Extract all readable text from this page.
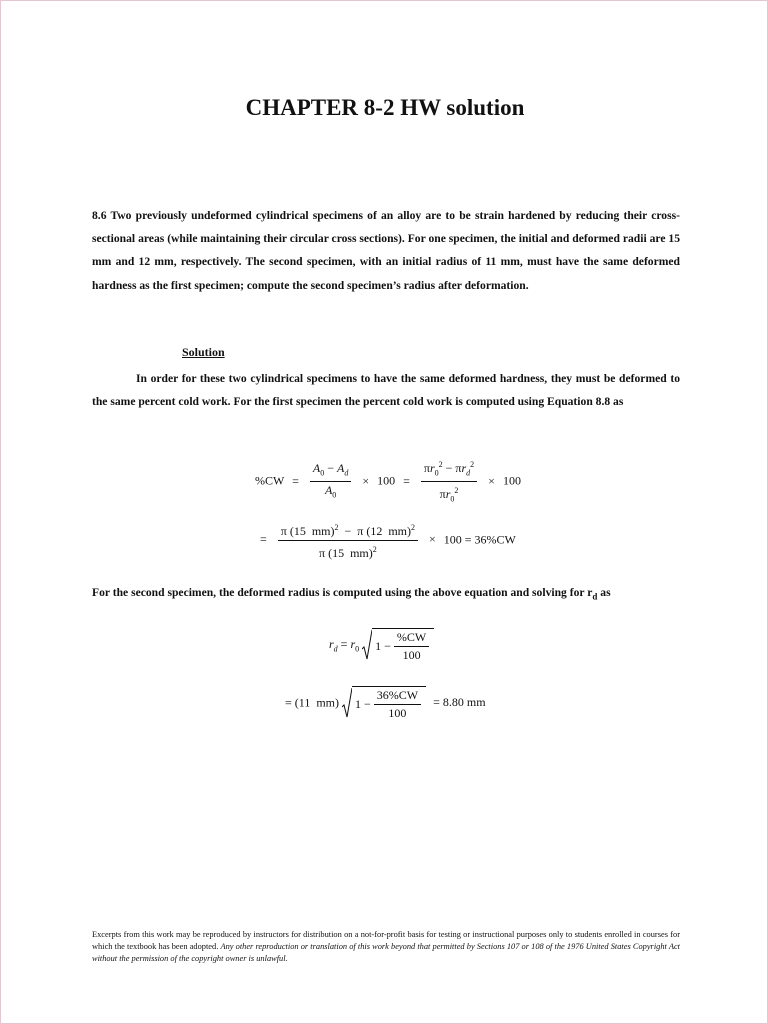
CHAPTER 8-2 HW solution
8.6 Two previously undeformed cylindrical specimens of an alloy are to be strain hardened by reducing their cross-sectional areas (while maintaining their circular cross sections). For one specimen, the initial and deformed radii are 15 mm and 12 mm, respectively. The second specimen, with an initial radius of 11 mm, must have the same deformed hardness as the first specimen; compute the second specimen’s radius after deformation.
Solution
In order for these two cylindrical specimens to have the same deformed hardness, they must be deformed to the same percent cold work. For the first specimen the percent cold work is computed using Equation 8.8 as
$\%CW = \frac{A_0 - A_d}{A_0} \times 100 = \frac{\pi r_0^2 - \pi r_d^2}{\pi r_0^2} \times 100$
= $\frac{\pi (15 mm)^2 - \pi (12 mm)^2}{\pi (15 mm)^2} \times 100 = 36\%CW$
For the second specimen, the deformed radius is computed using the above equation and solving for $r_d$ as
$r_d = r_0$ $1 - \frac{\%CW}{100}$
= (11  mm) $1 - \frac{36\%CW}{100} = 8.80$ mm
Excerpts from this work may be reproduced by instructors for distribution on a not-for-profit basis for testing or instructional purposes only to students enrolled in courses for which the textbook has been adopted. Any other reproduction or translation of this work beyond that permitted by Sections 107 or 108 of the 1976 United States Copyright Act without the permission of the copyright owner is unlawful.
